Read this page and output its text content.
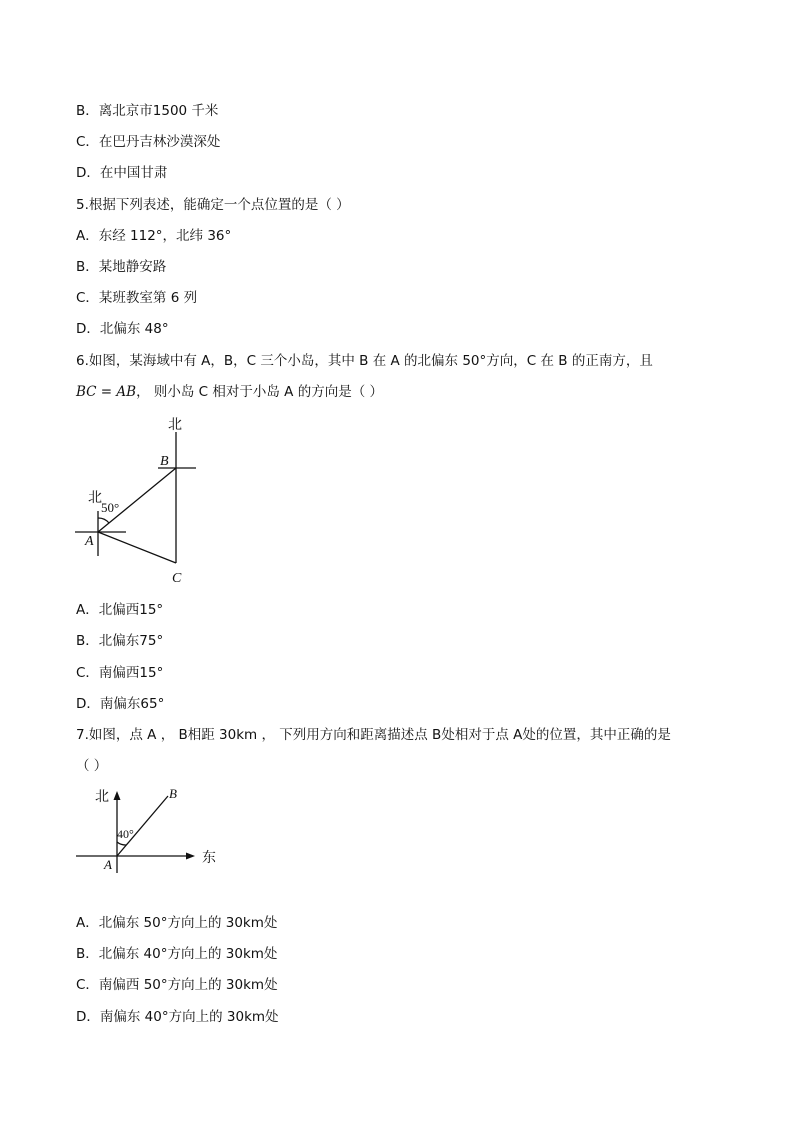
B．离北京市1500 千米
C．在巴丹吉林沙漠深处
D．在中国甘肃
5.根据下列表述，能确定一个点位置的是（ ）
A．东经 112°，北纬 36°
B．某地静安路
C．某班教室第 6 列
D．北偏东 48°
6.如图，某海域中有 A，B，C 三个小岛，其中 B 在 A 的北偏东 50°方向，C 在 B 的正南方，且
BC = AB， 则小岛 C 相对于小岛 A 的方向是（ ）
北
北
50°
A
B
C
A．北偏西15°
B．北偏东75°
C．南偏西15°
D．南偏东65°
7.如图，点 A ， B相距 30km ， 下列用方向和距离描述点 B处相对于点 A处的位置，其中正确的是
（ ）
北
东
40°
A
B
A．北偏东 50°方向上的 30km处
B．北偏东 40°方向上的 30km处
C．南偏西 50°方向上的 30km处
D．南偏东 40°方向上的 30km处
